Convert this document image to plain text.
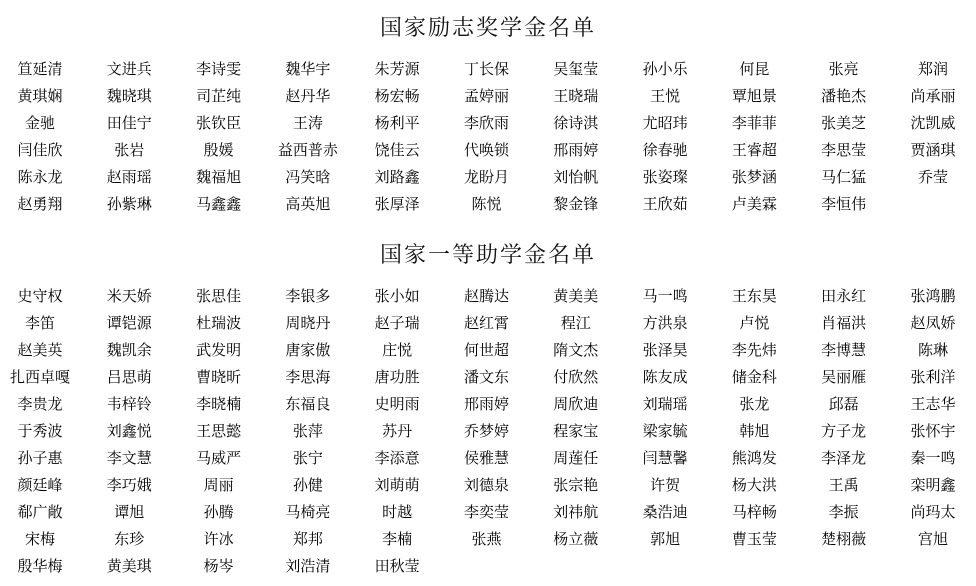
国家励志奖学金名单
笪延清	文进兵	李诗雯	魏华宇	朱芳源	丁长保	吴玺莹	孙小乐	何昆	张亮	郑润
黄琪娴	魏晓琪	司芷纯	赵丹华	杨宏畅	孟婷丽	王晓瑞	王悦	覃旭景	潘艳杰	尚承丽
金驰	田佳宁	张钦臣	王涛	杨利平	李欣雨	徐诗淇	尤昭玮	李菲菲	张美芝	沈凯威
闫佳欣	张岩	殷媛	益西普赤	饶佳云	代唤锁	邢雨婷	徐春驰	王睿超	李思莹	贾涵琪
陈永龙	赵雨瑶	魏福旭	冯笑晗	刘路鑫	龙盼月	刘怡帆	张姿璨	张梦涵	马仁猛	乔莹
赵勇翔	孙紫琳	马鑫鑫	高英旭	张厚泽	陈悦	黎金锋	王欣茹	卢美霖	李恒伟
国家一等助学金名单
史守权	米天娇	张思佳	李银多	张小如	赵腾达	黄美美	马一鸣	王东昊	田永红	张鸿鹏
李笛	谭铠源	杜瑞波	周晓丹	赵子瑞	赵红霄	程江	方洪泉	卢悦	肖福洪	赵凤娇
赵美英	魏凯余	武发明	唐家傲	庄悦	何世超	隋文杰	张泽昊	李先炜	李博慧	陈琳
扎西卓嘎	吕思萌	曹晓昕	李思海	唐功胜	潘文东	付欣然	陈友成	储金科	吴丽雁	张利洋
李贵龙	韦梓铃	李晓楠	东福良	史明雨	邢雨婷	周欣迪	刘瑞瑶	张龙	邱磊	王志华
于秀波	刘鑫悦	王思懿	张萍	苏丹	乔梦婷	程家宝	梁家毓	韩旭	方子龙	张怀宇
孙子惠	李文慧	马威严	张宁	李添意	侯雅慧	周莲任	闫慧馨	熊鸿发	李泽龙	秦一鸣
颜廷峰	李巧娥	周丽	孙健	刘萌萌	刘德泉	张宗艳	许贺	杨大洪	王禹	栾明鑫
郗广敞	谭旭	孙腾	马椅亮	时越	李奕莹	刘祎航	桑浩迪	马梓畅	李振	尚玛太
宋梅	东珍	许冰	郑邦	李楠	张燕	杨立薇	郭旭	曹玉莹	楚栩薇	宫旭
殷华梅	黄美琪	杨岑	刘浩清	田秋莹
